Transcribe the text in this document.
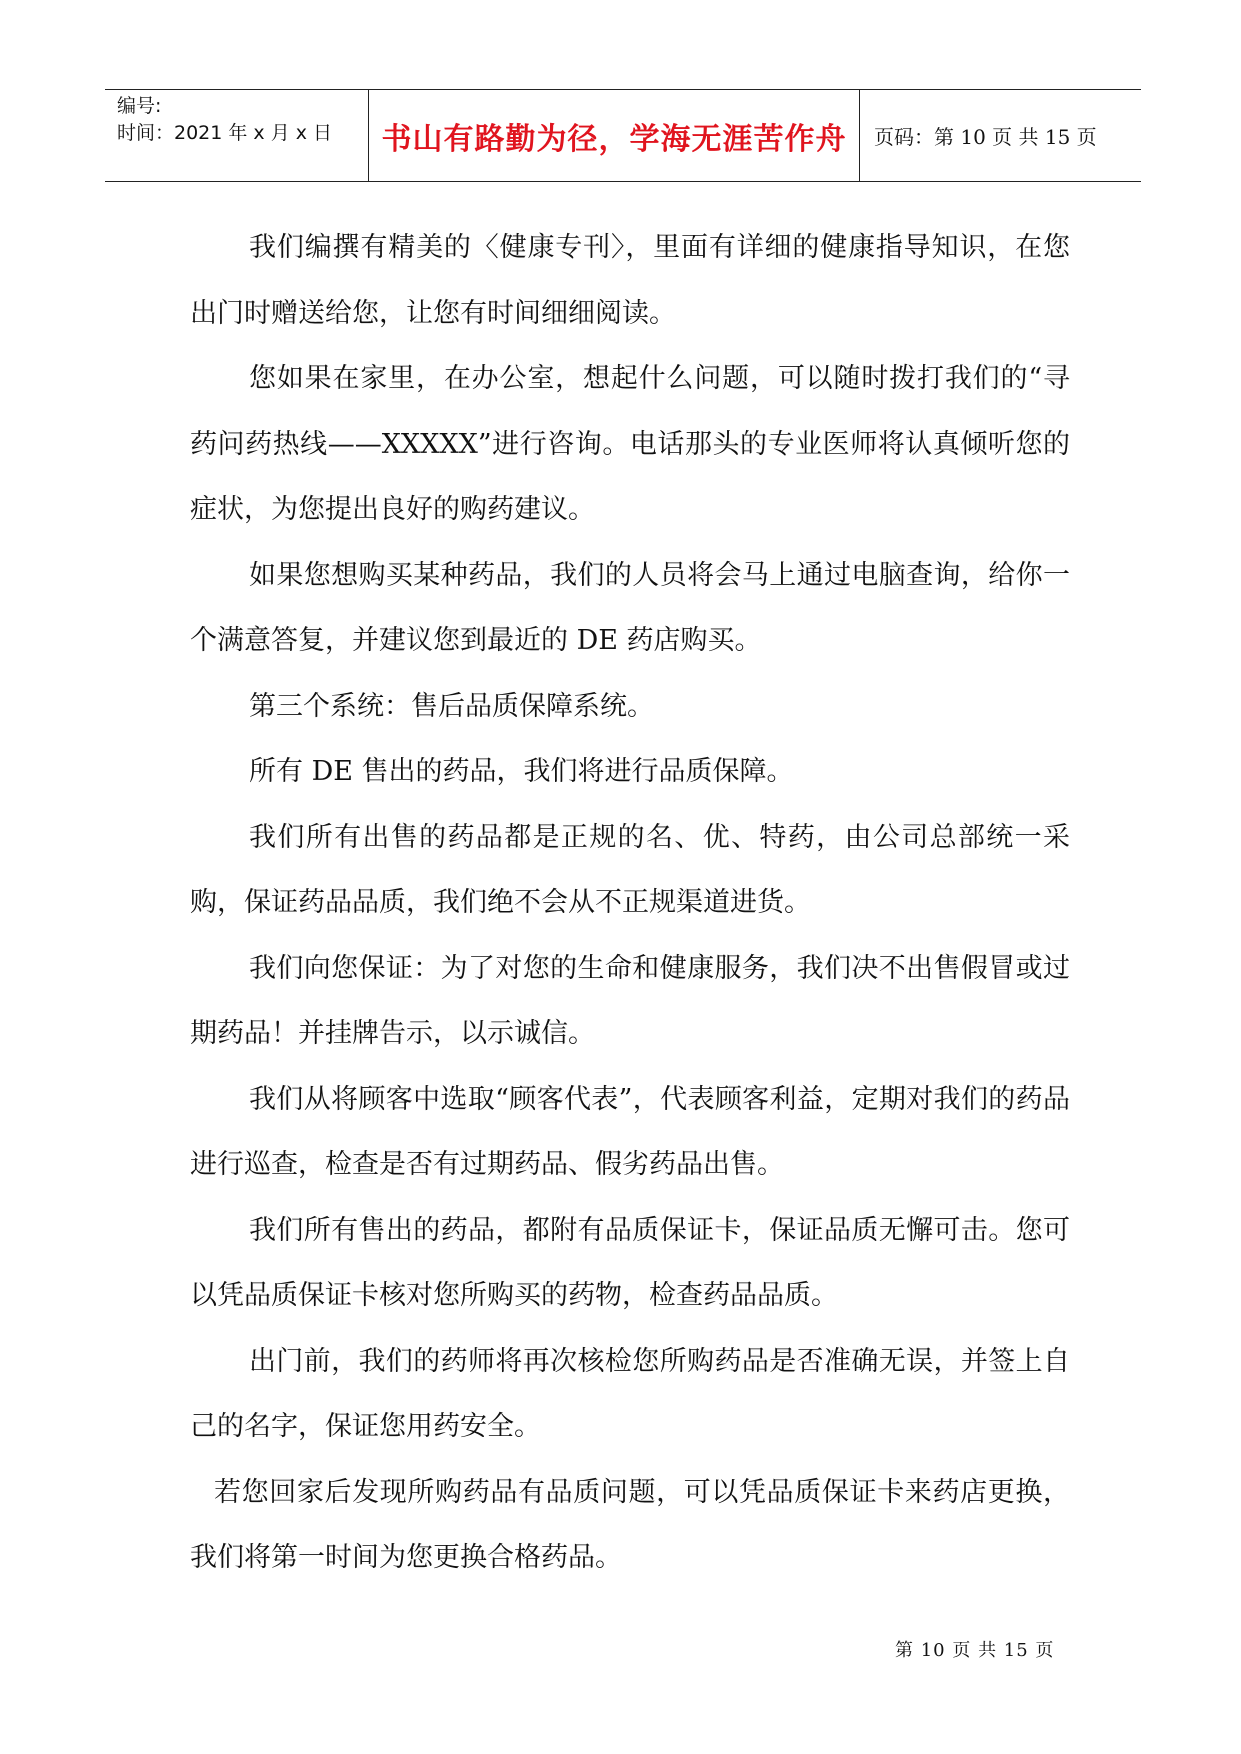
编号:
时间：2021 年 x 月 x 日	书山有路勤为径，学海无涯苦作舟 页码：第 10 页 共 15 页

我们编撰有精美的〈健康专刊〉，里面有详细的健康指导知识，在您出门时赠送给您，让您有时间细细阅读。

您如果在家里，在办公室，想起什么问题，可以随时拨打我们的“寻药问药热线——XXXXX”进行咨询。电话那头的专业医师将认真倾听您的症状，为您提出良好的购药建议。

如果您想购买某种药品，我们的人员将会马上通过电脑查询，给你一个满意答复，并建议您到最近的 DE 药店购买。

第三个系统：售后品质保障系统。

所有 DE 售出的药品，我们将进行品质保障。

我们所有出售的药品都是正规的名、优、特药，由公司总部统一采购，保证药品品质，我们绝不会从不正规渠道进货。

我们向您保证：为了对您的生命和健康服务，我们决不出售假冒或过期药品！并挂牌告示，以示诚信。

我们从将顾客中选取“顾客代表”，代表顾客利益，定期对我们的药品进行巡查，检查是否有过期药品、假劣药品出售。

我们所有售出的药品，都附有品质保证卡，保证品质无懈可击。您可以凭品质保证卡核对您所购买的药物，检查药品品质。

出门前，我们的药师将再次核检您所购药品是否准确无误，并签上自己的名字，保证您用药安全。

若您回家后发现所购药品有品质问题，可以凭品质保证卡来药店更换，我们将第一时间为您更换合格药品。

第 10 页 共 15 页
